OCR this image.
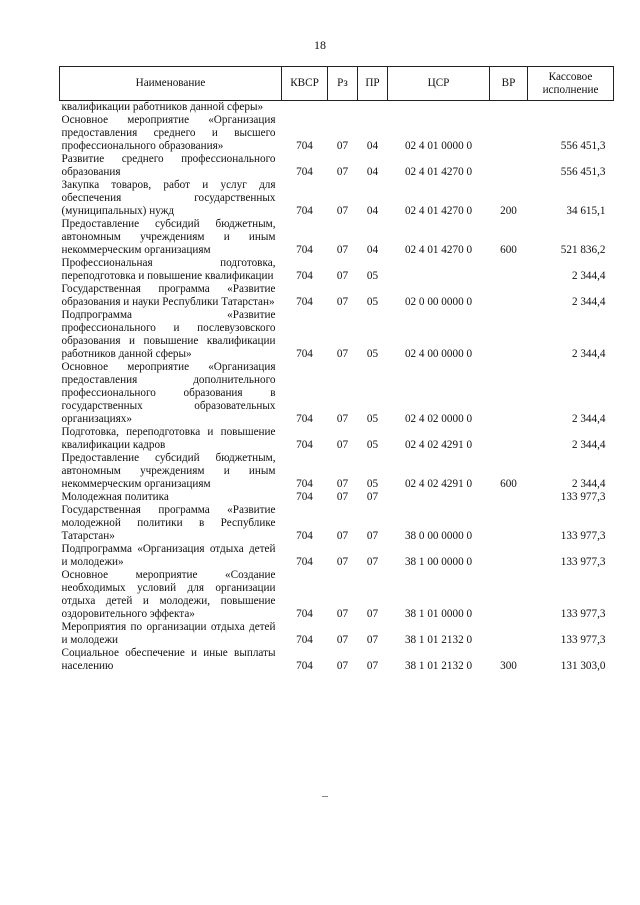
18
Наименование	КВСР	Рз	ПР	ЦСР	ВР	Кассовое исполнение
квалификации работников данной сферы»						
Основное мероприятие «Организация предоставления среднего и высшего профессионального образования»	704	07	04	02 4 01 0000 0		556 451,3
Развитие среднего профессионального образования	704	07	04	02 4 01 4270 0		556 451,3
Закупка товаров, работ и услуг для обеспечения государственных (муниципальных) нужд	704	07	04	02 4 01 4270 0	200	34 615,1
Предоставление субсидий бюджетным, автономным учреждениям и иным некоммерческим организациям	704	07	04	02 4 01 4270 0	600	521 836,2
Профессиональная подготовка, переподготовка и повышение квалификации	704	07	05			2 344,4
Государственная программа «Развитие образования и науки Республики Татарстан»	704	07	05	02 0 00 0000 0		2 344,4
Подпрограмма «Развитие профессионального и послевузовского образования и повышение квалификации работников данной сферы»	704	07	05	02 4 00 0000 0		2 344,4
Основное мероприятие «Организация предоставления дополнительного профессионального образования в государственных образовательных организациях»	704	07	05	02 4 02 0000 0		2 344,4
Подготовка, переподготовка и повышение квалификации кадров	704	07	05	02 4 02 4291 0		2 344,4
Предоставление субсидий бюджетным, автономным учреждениям и иным некоммерческим организациям	704	07	05	02 4 02 4291 0	600	2 344,4
Молодежная политика	704	07	07			133 977,3
Государственная программа «Развитие молодежной политики в Республике Татарстан»	704	07	07	38 0 00 0000 0		133 977,3
Подпрограмма «Организация отдыха детей и молодежи»	704	07	07	38 1 00 0000 0		133 977,3
Основное мероприятие «Создание необходимых условий для организации отдыха детей и молодежи, повышение оздоровительного эффекта»	704	07	07	38 1 01 0000 0		133 977,3
Мероприятия по организации отдыха детей и молодежи	704	07	07	38 1 01 2132 0		133 977,3
Социальное обеспечение и иные выплаты населению	704	07	07	38 1 01 2132 0	300	131 303,0
